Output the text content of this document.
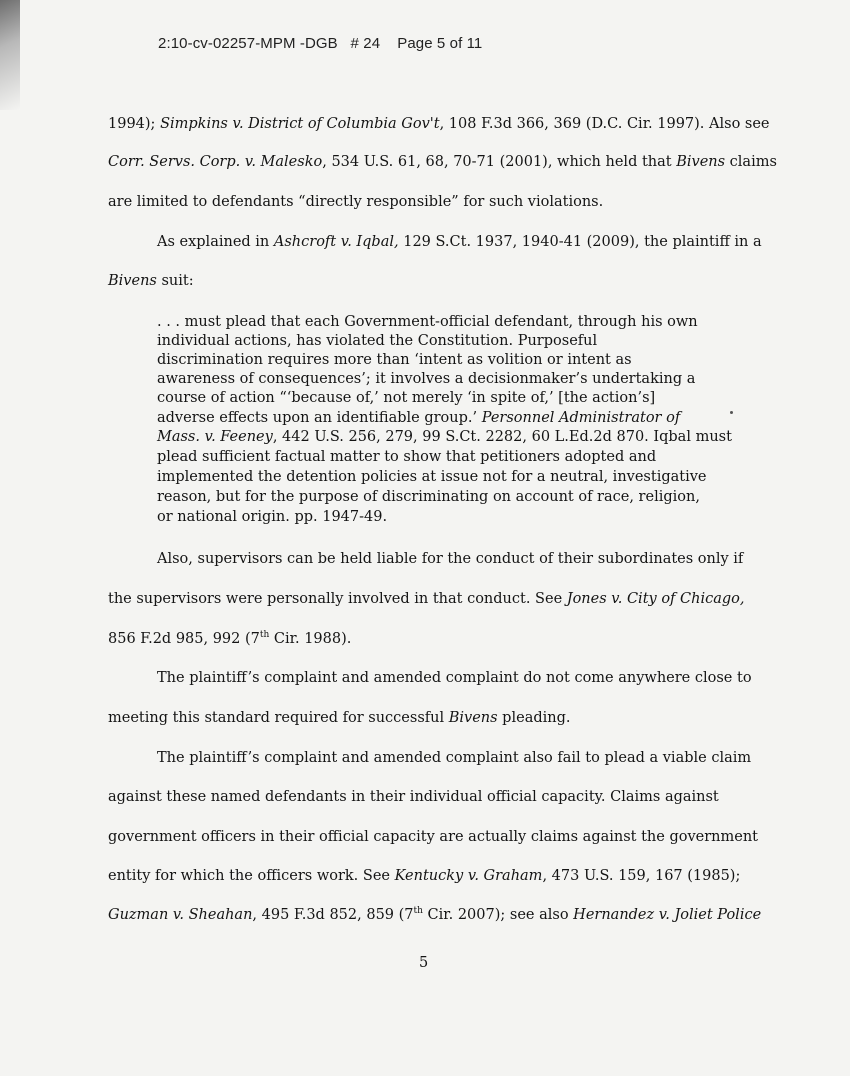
2:10-cv-02257-MPM -DGB   # 24    Page 5 of 11
1994); Simpkins v. District of Columbia Gov't, 108 F.3d 366, 369 (D.C. Cir. 1997). Also see
Corr. Servs. Corp. v. Malesko, 534 U.S. 61, 68, 70-71 (2001), which held that Bivens claims
are limited to defendants “directly responsible” for such violations.
As explained in Ashcroft v. Iqbal, 129 S.Ct. 1937, 1940-41 (2009), the plaintiff in a
Bivens suit:
. . . must plead that each Government-official defendant, through his own
individual actions, has violated the Constitution. Purposeful
discrimination requires more than ‘intent as volition or intent as
awareness of consequences’; it involves a decisionmaker’s undertaking a
course of action “‘because of,’ not merely ‘in spite of,’ [the action’s]
adverse effects upon an identifiable group.’ Personnel Administrator of
Mass. v. Feeney, 442 U.S. 256, 279, 99 S.Ct. 2282, 60 L.Ed.2d 870. Iqbal must
plead sufficient factual matter to show that petitioners adopted and
implemented the detention policies at issue not for a neutral, investigative
reason, but for the purpose of discriminating on account of race, religion,
or national origin. pp. 1947-49.
Also, supervisors can be held liable for the conduct of their subordinates only if
the supervisors were personally involved in that conduct. See Jones v. City of Chicago,
856 F.2d 985, 992 (7th Cir. 1988).
The plaintiff’s complaint and amended complaint do not come anywhere close to
meeting this standard required for successful Bivens pleading.
The plaintiff’s complaint and amended complaint also fail to plead a viable claim
against these named defendants in their individual official capacity. Claims against
government officers in their official capacity are actually claims against the government
entity for which the officers work. See Kentucky v. Graham, 473 U.S. 159, 167 (1985);
Guzman v. Sheahan, 495 F.3d 852, 859 (7th Cir. 2007); see also Hernandez v. Joliet Police
5
